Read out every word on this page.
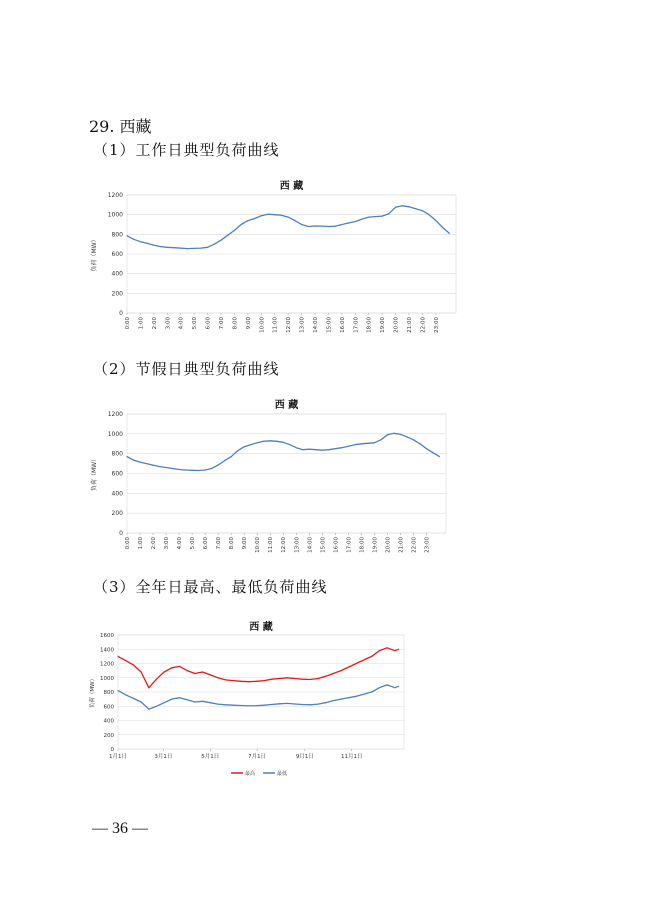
29. 西藏
（1）工作日典型负荷曲线
西 藏
0
200
400
600
800
1000
1200
负荷（MW）
0:00 1:00 2:00 3:00 4:00 5:00 6:00 7:00 8:00 9:00 10:00 11:00 12:00 13:00 14:00 15:00 16:00 17:00 18:00 19:00 20:00 21:00 22:00 23:00
（2）节假日典型负荷曲线
西 藏
0
200
400
600
800
1000
1200
负荷（MW）
0:00 1:00 2:00 3:00 4:00 5:00 6:00 7:00 8:00 9:00 10:00 11:00 12:00 13:00 14:00 15:00 16:00 17:00 18:00 19:00 20:00 21:00 22:00 23:00
（3）全年日最高、最低负荷曲线
西 藏
0
200
400
600
800
1000
1200
1400
1600
负荷（MW）
1月1日	3月1日	5月1日	7月1日	9月1日	11月1日
最高	最低
— 36 —
